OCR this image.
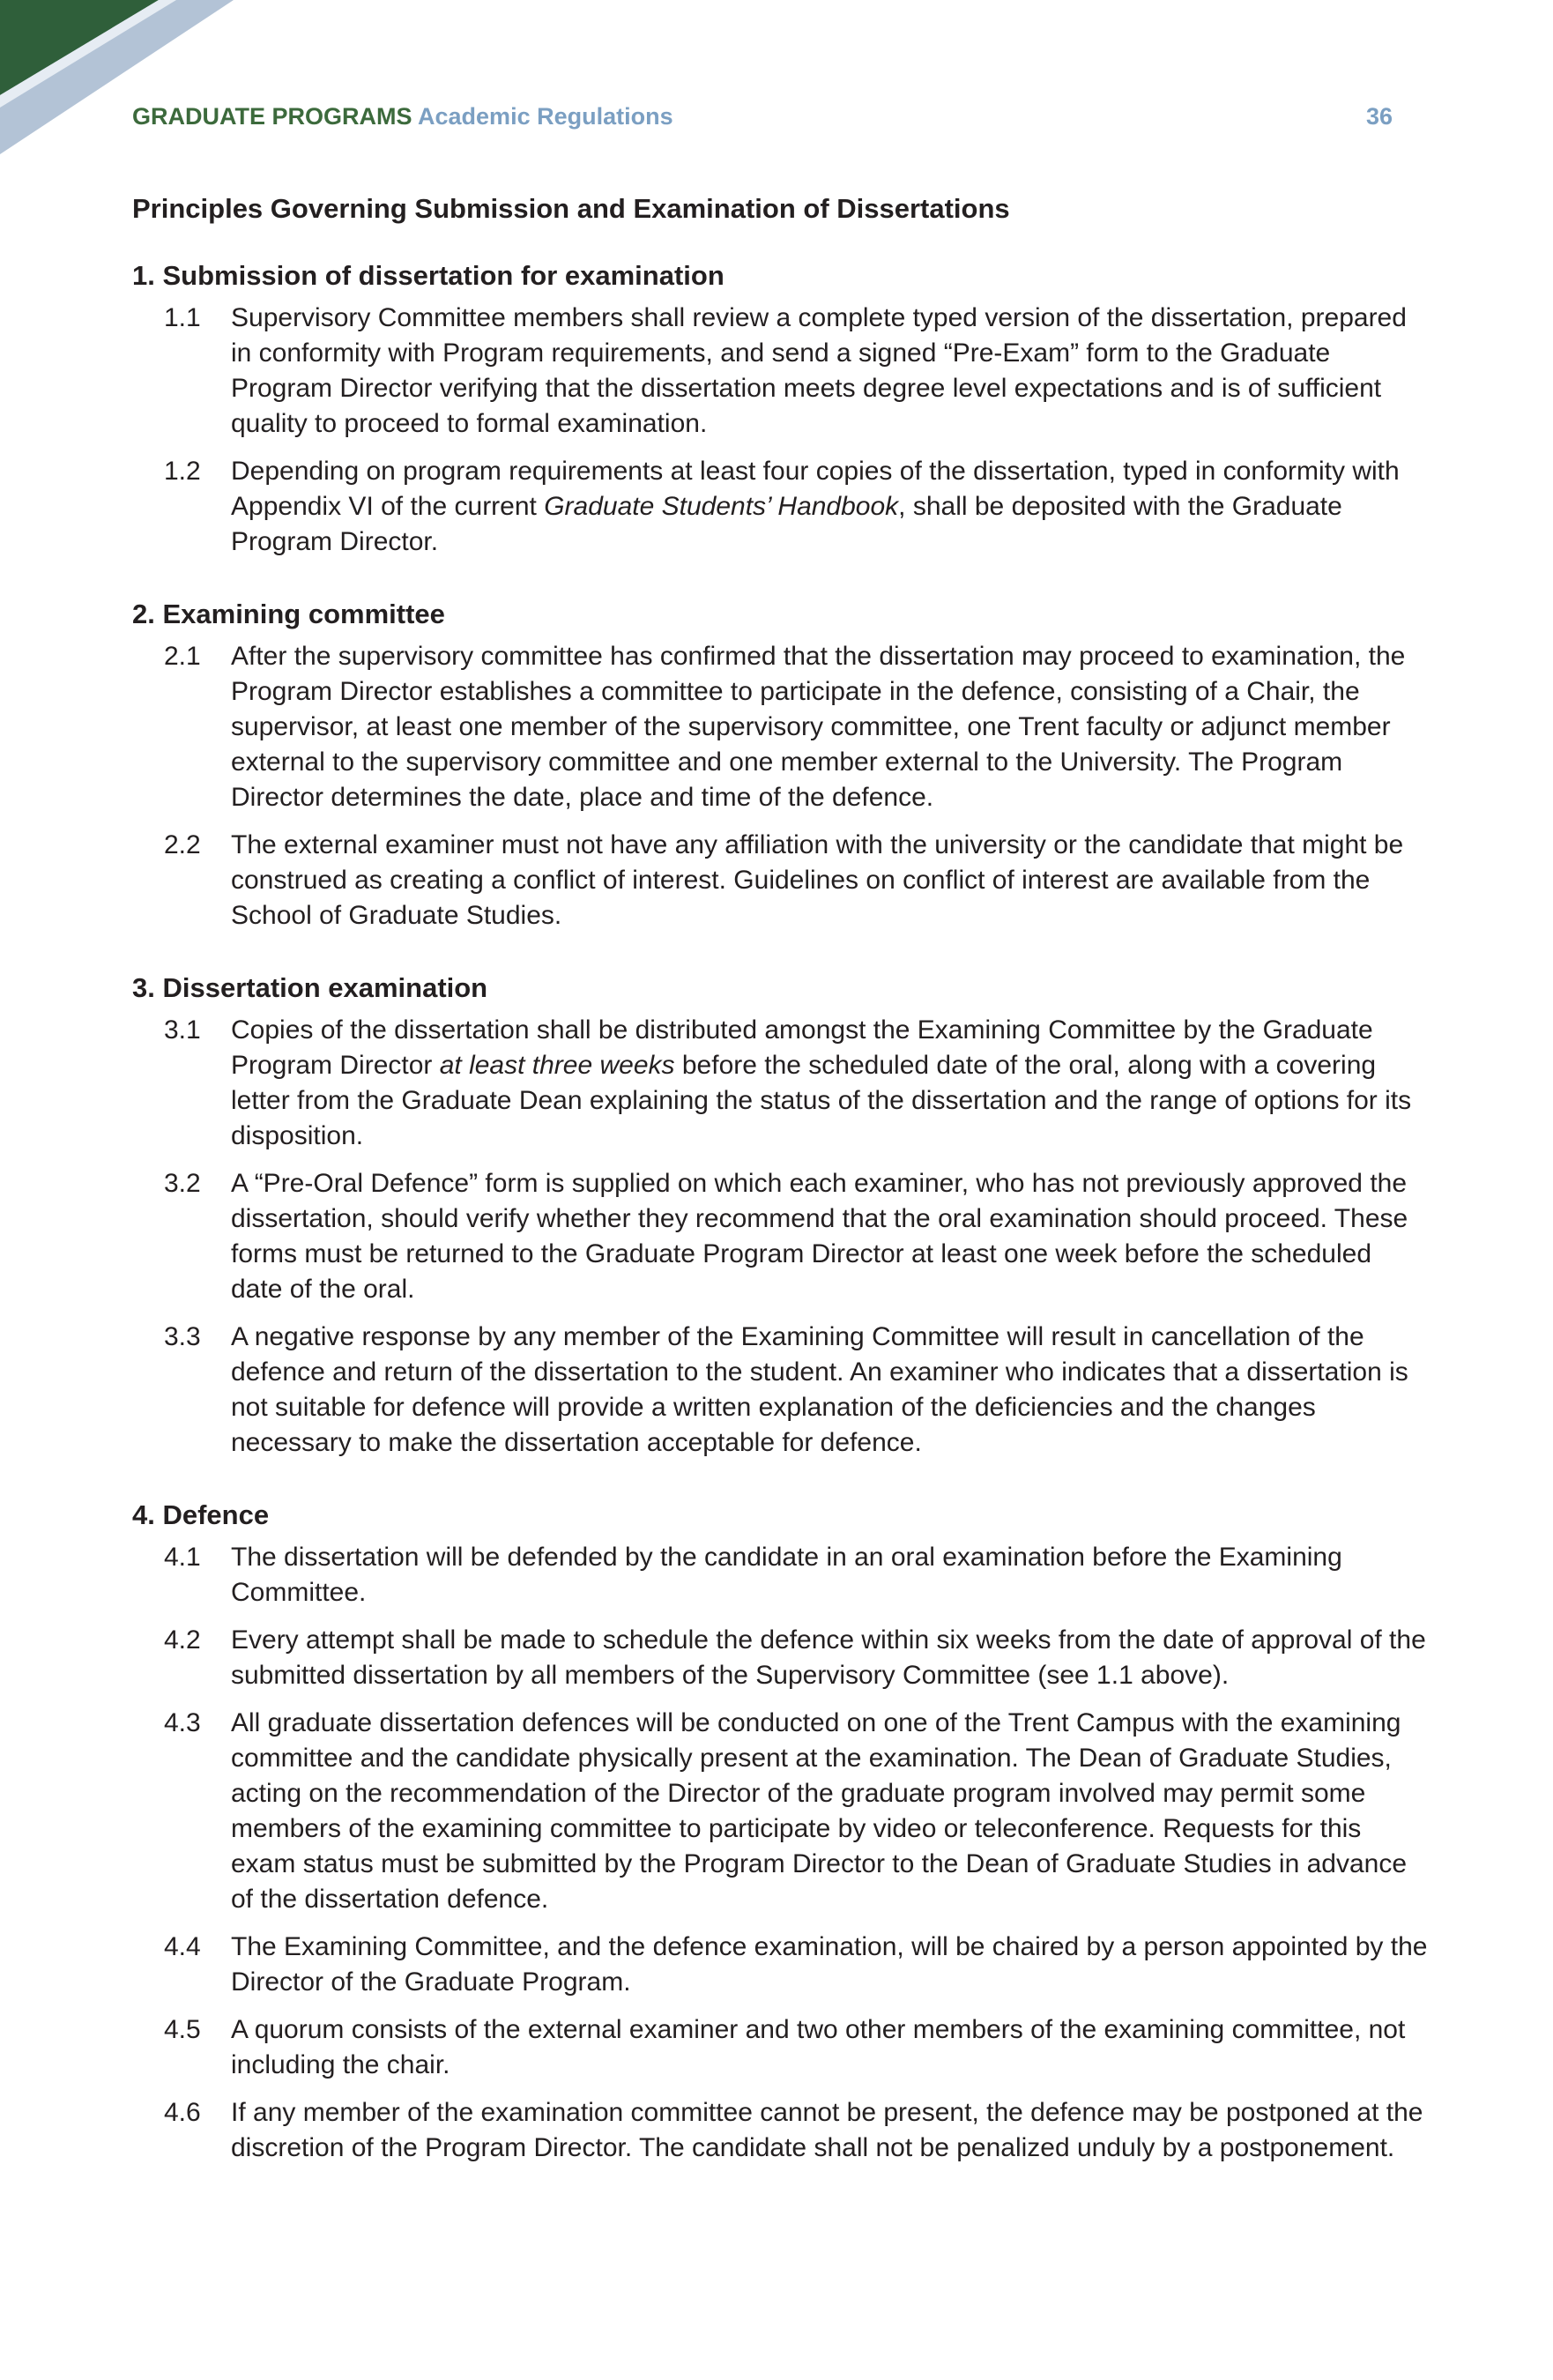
GRADUATE PROGRAMS Academic Regulations	36
Principles Governing Submission and Examination of Dissertations
1. Submission of dissertation for examination
1.1 Supervisory Committee members shall review a complete typed version of the dissertation, prepared in conformity with Program requirements, and send a signed “Pre-Exam” form to the Graduate Program Director verifying that the dissertation meets degree level expectations and is of sufficient quality to proceed to formal examination.
1.2 Depending on program requirements at least four copies of the dissertation, typed in conformity with Appendix VI of the current Graduate Students’ Handbook, shall be deposited with the Graduate Program Director.
2. Examining committee
2.1 After the supervisory committee has confirmed that the dissertation may proceed to examination, the Program Director establishes a committee to participate in the defence, consisting of a Chair, the supervisor, at least one member of the supervisory committee, one Trent faculty or adjunct member external to the supervisory committee and one member external to the University. The Program Director determines the date, place and time of the defence.
2.2 The external examiner must not have any affiliation with the university or the candidate that might be construed as creating a conflict of interest. Guidelines on conflict of interest are available from the School of Graduate Studies.
3. Dissertation examination
3.1 Copies of the dissertation shall be distributed amongst the Examining Committee by the Graduate Program Director at least three weeks before the scheduled date of the oral, along with a covering letter from the Graduate Dean explaining the status of the dissertation and the range of options for its disposition.
3.2 A “Pre-Oral Defence” form is supplied on which each examiner, who has not previously approved the dissertation, should verify whether they recommend that the oral examination should proceed. These forms must be returned to the Graduate Program Director at least one week before the scheduled date of the oral.
3.3 A negative response by any member of the Examining Committee will result in cancellation of the defence and return of the dissertation to the student. An examiner who indicates that a dissertation is not suitable for defence will provide a written explanation of the deficiencies and the changes necessary to make the dissertation acceptable for defence.
4. Defence
4.1 The dissertation will be defended by the candidate in an oral examination before the Examining Committee.
4.2 Every attempt shall be made to schedule the defence within six weeks from the date of approval of the submitted dissertation by all members of the Supervisory Committee (see 1.1 above).
4.3 All graduate dissertation defences will be conducted on one of the Trent Campus with the examining committee and the candidate physically present at the examination. The Dean of Graduate Studies, acting on the recommendation of the Director of the graduate program involved may permit some members of the examining committee to participate by video or teleconference. Requests for this exam status must be submitted by the Program Director to the Dean of Graduate Studies in advance of the dissertation defence.
4.4 The Examining Committee, and the defence examination, will be chaired by a person appointed by the Director of the Graduate Program.
4.5 A quorum consists of the external examiner and two other members of the examining committee, not including the chair.
4.6 If any member of the examination committee cannot be present, the defence may be postponed at the discretion of the Program Director. The candidate shall not be penalized unduly by a postponement.
